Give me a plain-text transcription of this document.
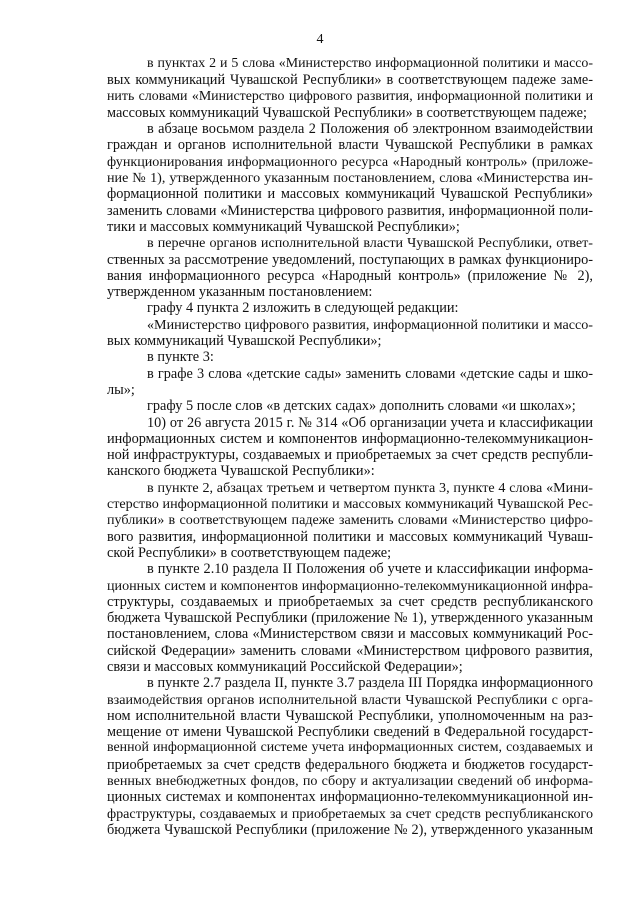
4
в пунктах 2 и 5 слова «Министерство информационной политики и массо-
вых коммуникаций Чувашской Республики» в соответствующем падеже заме-
нить словами «Министерство цифрового развития, информационной политики и
массовых коммуникаций Чувашской Республики» в соответствующем падеже;
в абзаце восьмом раздела 2 Положения об электронном взаимодействии
граждан и органов исполнительной власти Чувашской Республики в рамках
функционирования информационного ресурса «Народный контроль» (приложе-
ние № 1), утвержденного указанным постановлением, слова «Министерства ин-
формационной политики и массовых коммуникаций Чувашской Республики»
заменить словами «Министерства цифрового развития, информационной поли-
тики и массовых коммуникаций Чувашской Республики»;
в перечне органов исполнительной власти Чувашской Республики, ответ-
ственных за рассмотрение уведомлений, поступающих в рамках функциониро-
вания информационного ресурса «Народный контроль» (приложение № 2),
утвержденном указанным постановлением:
графу 4 пункта 2 изложить в следующей редакции:
«Министерство цифрового развития, информационной политики и массо-
вых коммуникаций Чувашской Республики»;
в пункте 3:
в графе 3 слова «детские сады» заменить словами «детские сады и шко-
лы»;
графу 5 после слов «в детских садах» дополнить словами «и школах»;
10) от 26 августа 2015 г. № 314 «Об организации учета и классификации
информационных систем и компонентов информационно-телекоммуникацион-
ной инфраструктуры, создаваемых и приобретаемых за счет средств республи-
канского бюджета Чувашской Республики»:
в пункте 2, абзацах третьем и четвертом пункта 3, пункте 4 слова «Мини-
стерство информационной политики и массовых коммуникаций Чувашской Рес-
публики» в соответствующем падеже заменить словами «Министерство цифро-
вого развития, информационной политики и массовых коммуникаций Чуваш-
ской Республики» в соответствующем падеже;
в пункте 2.10 раздела II Положения об учете и классификации информа-
ционных систем и компонентов информационно-телекоммуникационной инфра-
структуры, создаваемых и приобретаемых за счет средств республиканского
бюджета Чувашской Республики (приложение № 1), утвержденного указанным
постановлением, слова «Министерством связи и массовых коммуникаций Рос-
сийской Федерации» заменить словами «Министерством цифрового развития,
связи и массовых коммуникаций Российской Федерации»;
в пункте 2.7 раздела II, пункте 3.7 раздела III Порядка информационного
взаимодействия органов исполнительной власти Чувашской Республики с орга-
ном исполнительной власти Чувашской Республики, уполномоченным на раз-
мещение от имени Чувашской Республики сведений в Федеральной государст-
венной информационной системе учета информационных систем, создаваемых и
приобретаемых за счет средств федерального бюджета и бюджетов государст-
венных внебюджетных фондов, по сбору и актуализации сведений об информа-
ционных системах и компонентах информационно-телекоммуникационной ин-
фраструктуры, создаваемых и приобретаемых за счет средств республиканского
бюджета Чувашской Республики (приложение № 2), утвержденного указанным
